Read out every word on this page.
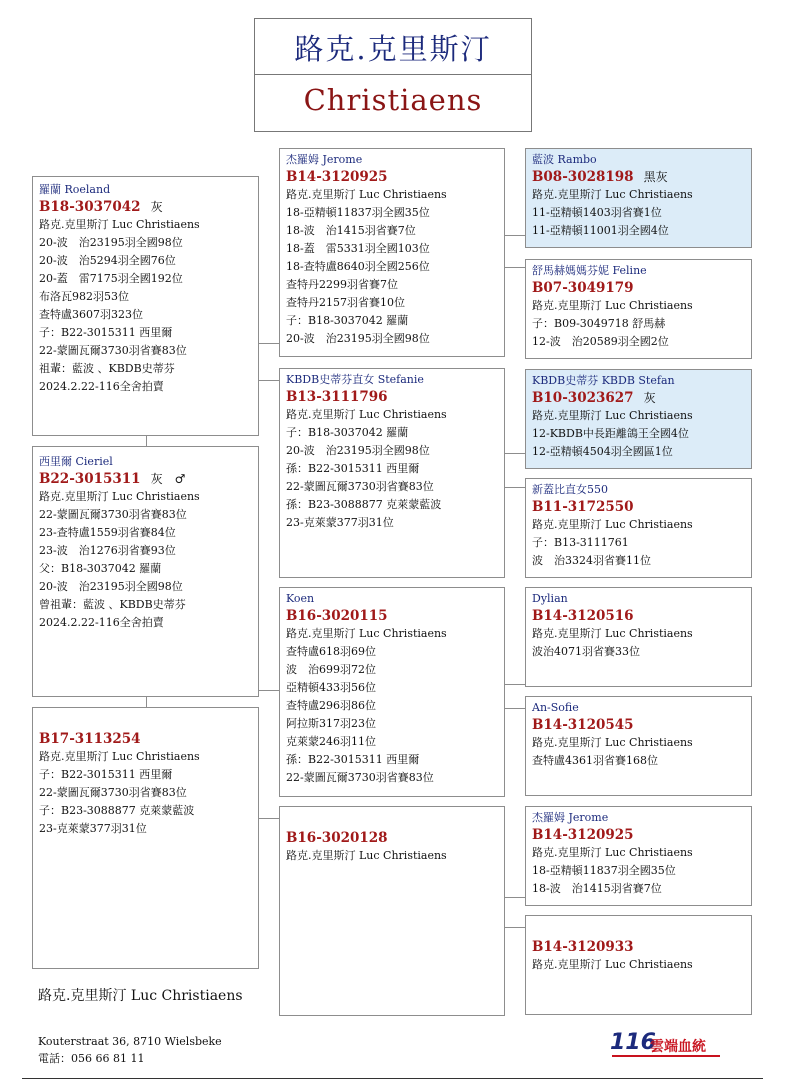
路克.克里斯汀
Christiaens
羅蘭 Roeland
B18-3037042 灰
路克.克里斯汀 Luc Christiaens
20-波　治23195羽全國98位
20-波　治5294羽全國76位
20-蓋　雷7175羽全國192位
布洛瓦982羽53位
查特盧3607羽323位
子：B22-3015311 西里爾
22-蒙圖瓦爾3730羽省賽83位
祖輩：藍波 、KBDB史蒂芬
2024.2.22-116全舍拍賣
西里爾 Cieriel
B22-3015311 灰　♂
路克.克里斯汀 Luc Christiaens
22-蒙圖瓦爾3730羽省賽83位
23-查特盧1559羽省賽84位
23-波　治1276羽省賽93位
父：B18-3037042 羅蘭
20-波　治23195羽全國98位
曾祖輩：藍波 、KBDB史蒂芬
2024.2.22-116全舍拍賣
B17-3113254
路克.克里斯汀 Luc Christiaens
子：B22-3015311 西里爾
22-蒙圖瓦爾3730羽省賽83位
子：B23-3088877 克萊蒙藍波
23-克萊蒙377羽31位
杰羅姆 Jerome
B14-3120925
路克.克里斯汀 Luc Christiaens
18-亞精頓11837羽全國35位
18-波　治1415羽省賽7位
18-蓋　雷5331羽全國103位
18-查特盧8640羽全國256位
查特丹2299羽省賽7位
查特丹2157羽省賽10位
子：B18-3037042 羅蘭
20-波　治23195羽全國98位
KBDB史蒂芬直女 Stefanie
B13-3111796
路克.克里斯汀 Luc Christiaens
子：B18-3037042 羅蘭
20-波　治23195羽全國98位
孫：B22-3015311 西里爾
22-蒙圖瓦爾3730羽省賽83位
孫：B23-3088877 克萊蒙藍波
23-克萊蒙377羽31位
Koen
B16-3020115
路克.克里斯汀 Luc Christiaens
查特盧618羽69位
波　治699羽72位
亞精頓433羽56位
查特盧296羽86位
阿拉斯317羽23位
克萊蒙246羽11位
孫：B22-3015311 西里爾
22-蒙圖瓦爾3730羽省賽83位
B16-3020128
路克.克里斯汀 Luc Christiaens
藍波 Rambo
B08-3028198 黑灰
路克.克里斯汀 Luc Christiaens
11-亞精頓1403羽省賽1位
11-亞精頓11001羽全國4位
舒馬赫媽媽芬妮 Feline
B07-3049179
路克.克里斯汀 Luc Christiaens
子：B09-3049718 舒馬赫
12-波　治20589羽全國2位
KBDB史蒂芬 KBDB Stefan
B10-3023627 灰
路克.克里斯汀 Luc Christiaens
12-KBDB中長距離鴿王全國4位
12-亞精頓4504羽全國區1位
新蓋比直女550
B11-3172550
路克.克里斯汀 Luc Christiaens
子：B13-3111761
波　治3324羽省賽11位
Dylian
B14-3120516
路克.克里斯汀 Luc Christiaens
波治4071羽省賽33位
An-Sofie
B14-3120545
路克.克里斯汀 Luc Christiaens
查特盧4361羽省賽168位
杰羅姆 Jerome
B14-3120925
路克.克里斯汀 Luc Christiaens
18-亞精頓11837羽全國35位
18-波　治1415羽省賽7位
B14-3120933
路克.克里斯汀 Luc Christiaens
路克.克里斯汀 Luc Christiaens
Kouterstraat 36, 8710 Wielsbeke
電話：056 66 81 11
116
雲端血統
